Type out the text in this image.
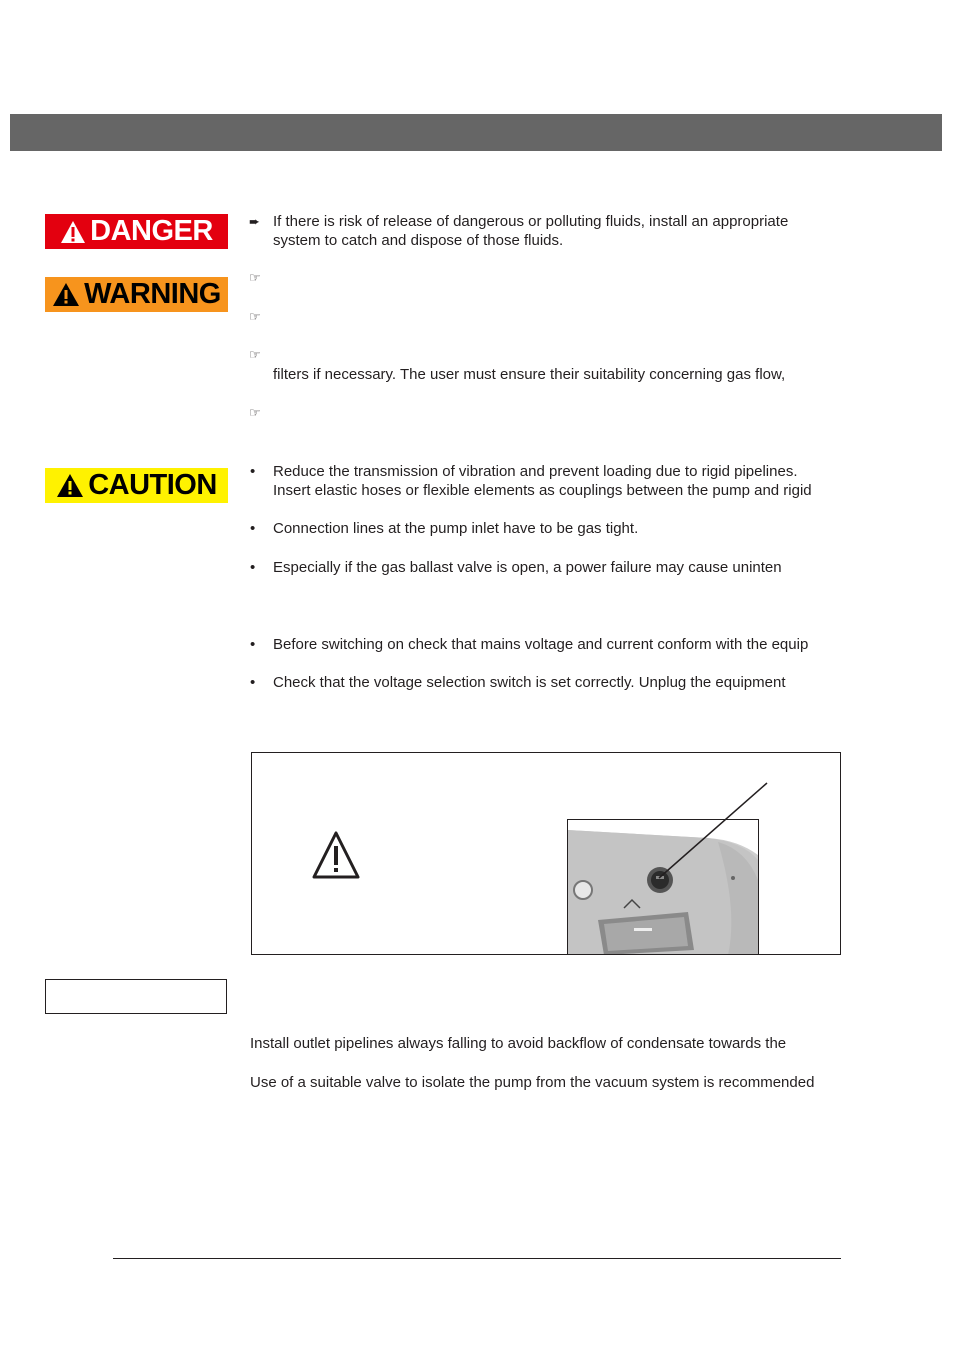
DANGER
WARNING
CAUTION
➨ If there is risk of release of dangerous or polluting fluids, install an appropriate
system to catch and dispose of those fluids.
☞
☞
☞
filters if necessary. The user must ensure their suitability concerning gas flow,
☞
• Reduce the transmission of vibration and prevent loading due to rigid pipelines.
Insert elastic hoses or flexible elements as couplings between the pump and rigid
• Connection lines at the pump inlet have to be gas tight.
• Especially if the gas ballast valve is open, a power failure may cause uninten
• Before switching on check that mains voltage and current conform with the equip
• Check that the voltage selection switch is set correctly. Unplug the equipment
Install outlet pipelines always falling to avoid backflow of condensate towards the
Use of a suitable valve to isolate the pump from the vacuum system is recommended
